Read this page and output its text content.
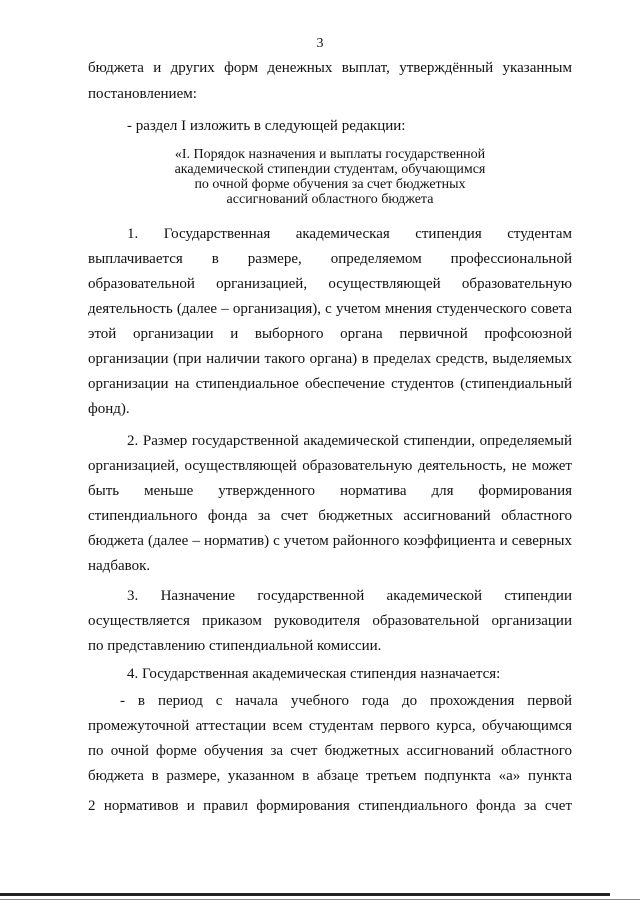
3
бюджета и других форм денежных выплат, утверждённый указанным
постановлением:
- раздел I изложить в следующей редакции:
«I. Порядок назначения и выплаты государственной
академической стипендии студентам, обучающимся
по очной форме обучения за счет бюджетных
ассигнований областного бюджета
1. Государственная академическая стипендия студентам
выплачивается в размере, определяемом профессиональной
образовательной организацией, осуществляющей образовательную
деятельность (далее – организация), с учетом мнения студенческого совета
этой организации и выборного органа первичной профсоюзной
организации (при наличии такого органа) в пределах средств, выделяемых
организации на стипендиальное обеспечение студентов (стипендиальный
фонд).
2. Размер государственной академической стипендии, определяемый
организацией, осуществляющей образовательную деятельность, не может
быть меньше утвержденного норматива для формирования
стипендиального фонда за счет бюджетных ассигнований областного
бюджета (далее – норматив) с учетом районного коэффициента и северных
надбавок.
3. Назначение государственной академической стипендии
осуществляется приказом руководителя образовательной организации
по представлению стипендиальной комиссии.
4. Государственная академическая стипендия назначается:
- в период с начала учебного года до прохождения первой
промежуточной аттестации всем студентам первого курса, обучающимся
по очной форме обучения за счет бюджетных ассигнований областного
бюджета в размере, указанном в абзаце третьем подпункта «а» пункта
2 нормативов и правил формирования стипендиального фонда за счет
